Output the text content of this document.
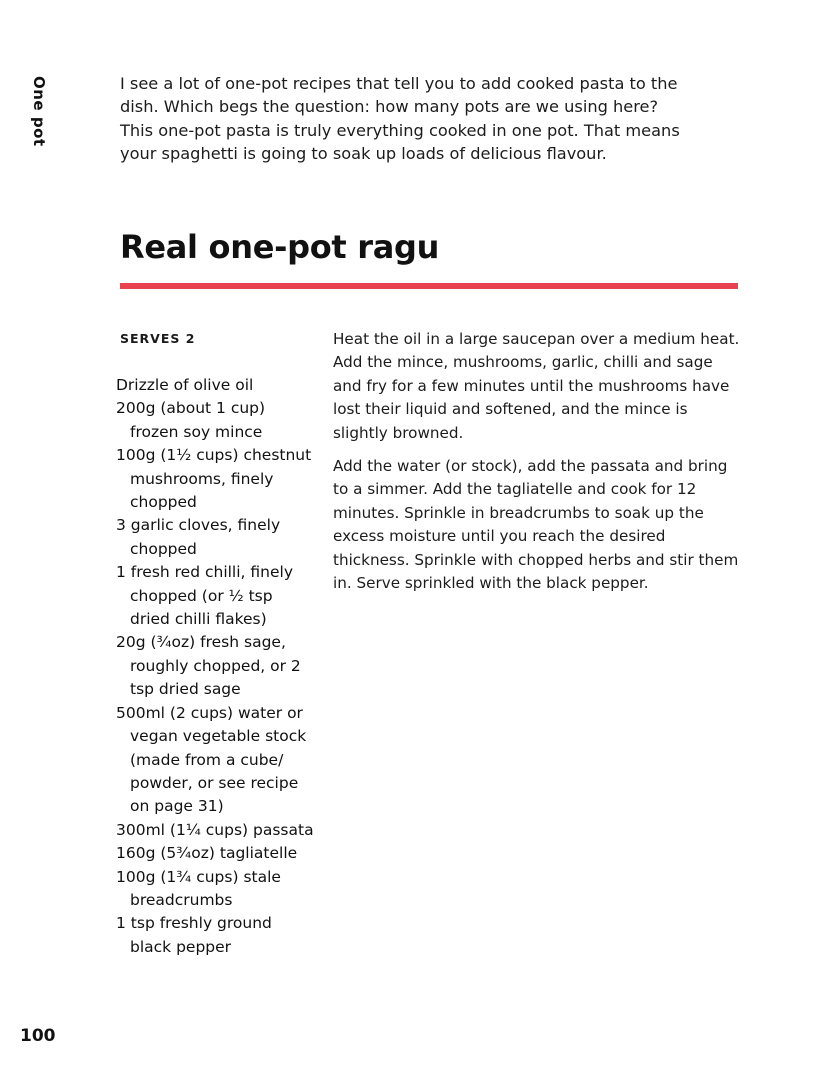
One pot	I see a lot of one-pot recipes that tell you to add cooked pasta to the dish. Which begs the question: how many pots are we using here? This one-pot pasta is truly everything cooked in one pot. That means your spaghetti is going to soak up loads of delicious flavour.

Real one-pot ragu
SERVES 2
Drizzle of olive oil
200g (about 1 cup) frozen soy mince
100g (1½ cups) chestnut mushrooms, finely chopped
3 garlic cloves, finely chopped
1 fresh red chilli, finely chopped (or ½ tsp dried chilli flakes)
20g (¾oz) fresh sage, roughly chopped, or 2 tsp dried sage
500ml (2 cups) water or vegan vegetable stock (made from a cube/ powder, or see recipe on page 31)
300ml (1¼ cups) passata
160g (5¾oz) tagliatelle
100g (1¾ cups) stale breadcrumbs
1 tsp freshly ground black pepper

Heat the oil in a large saucepan over a medium heat. Add the mince, mushrooms, garlic, chilli and sage and fry for a few minutes until the mushrooms have lost their liquid and softened, and the mince is slightly browned.

Add the water (or stock), add the passata and bring to a simmer. Add the tagliatelle and cook for 12 minutes. Sprinkle in breadcrumbs to soak up the excess moisture until you reach the desired thickness. Sprinkle with chopped herbs and stir them in. Serve sprinkled with the black pepper.

100
